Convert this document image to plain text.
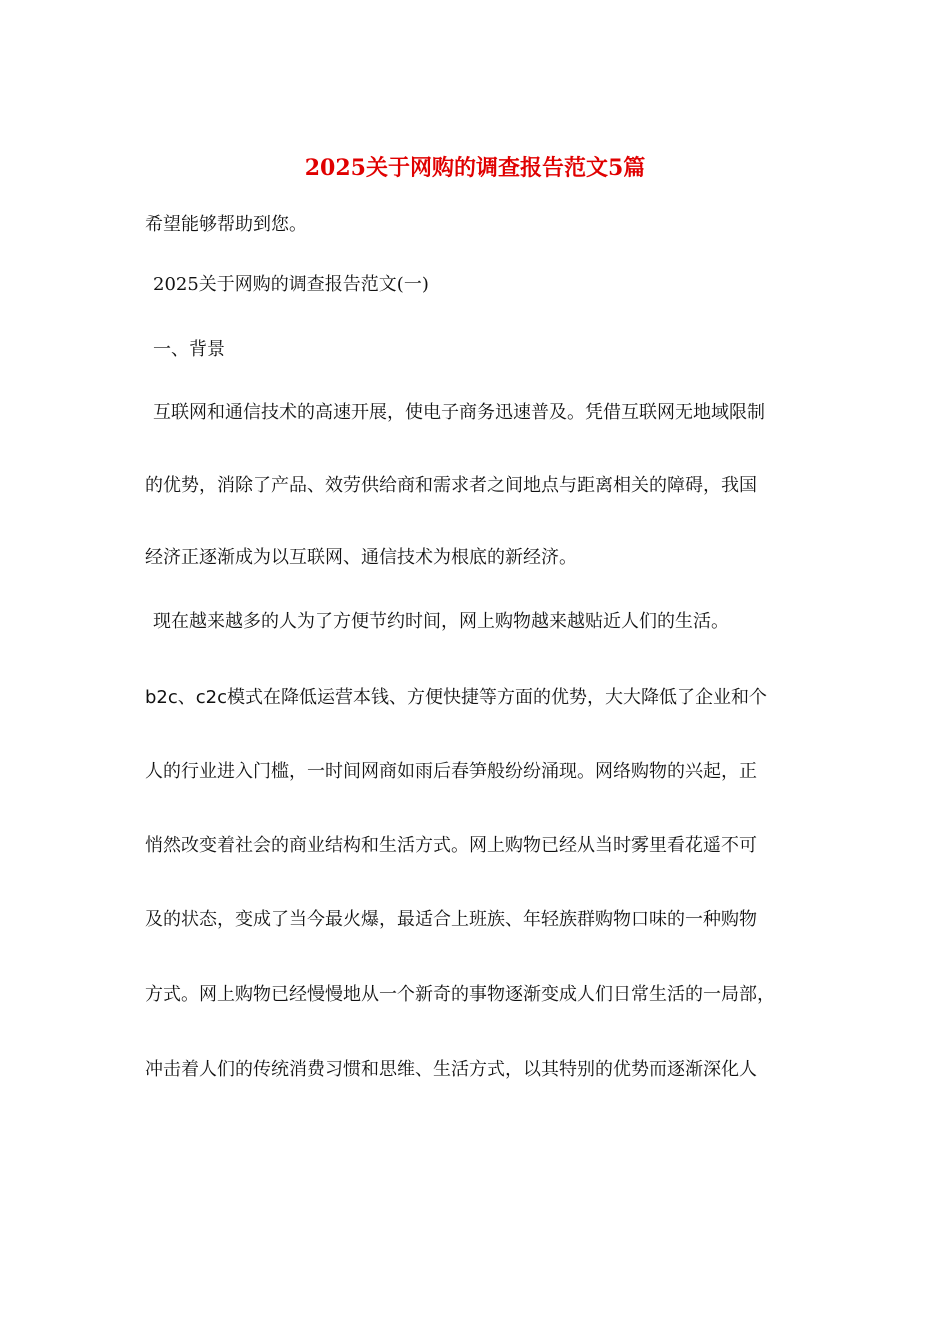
2025关于网购的调查报告范文5篇

希望能够帮助到您。

2025关于网购的调查报告范文(一)

一、背景

互联网和通信技术的高速开展，使电子商务迅速普及。凭借互联网无地域限制

的优势，消除了产品、效劳供给商和需求者之间地点与距离相关的障碍，我国

经济正逐渐成为以互联网、通信技术为根底的新经济。

现在越来越多的人为了方便节约时间，网上购物越来越贴近人们的生活。

b2c、c2c模式在降低运营本钱、方便快捷等方面的优势，大大降低了企业和个

人的行业进入门槛，一时间网商如雨后春笋般纷纷涌现。网络购物的兴起，正

悄然改变着社会的商业结构和生活方式。网上购物已经从当时雾里看花遥不可

及的状态，变成了当今最火爆，最适合上班族、年轻族群购物口味的一种购物

方式。网上购物已经慢慢地从一个新奇的事物逐渐变成人们日常生活的一局部，

冲击着人们的传统消费习惯和思维、生活方式，以其特别的优势而逐渐深化人
